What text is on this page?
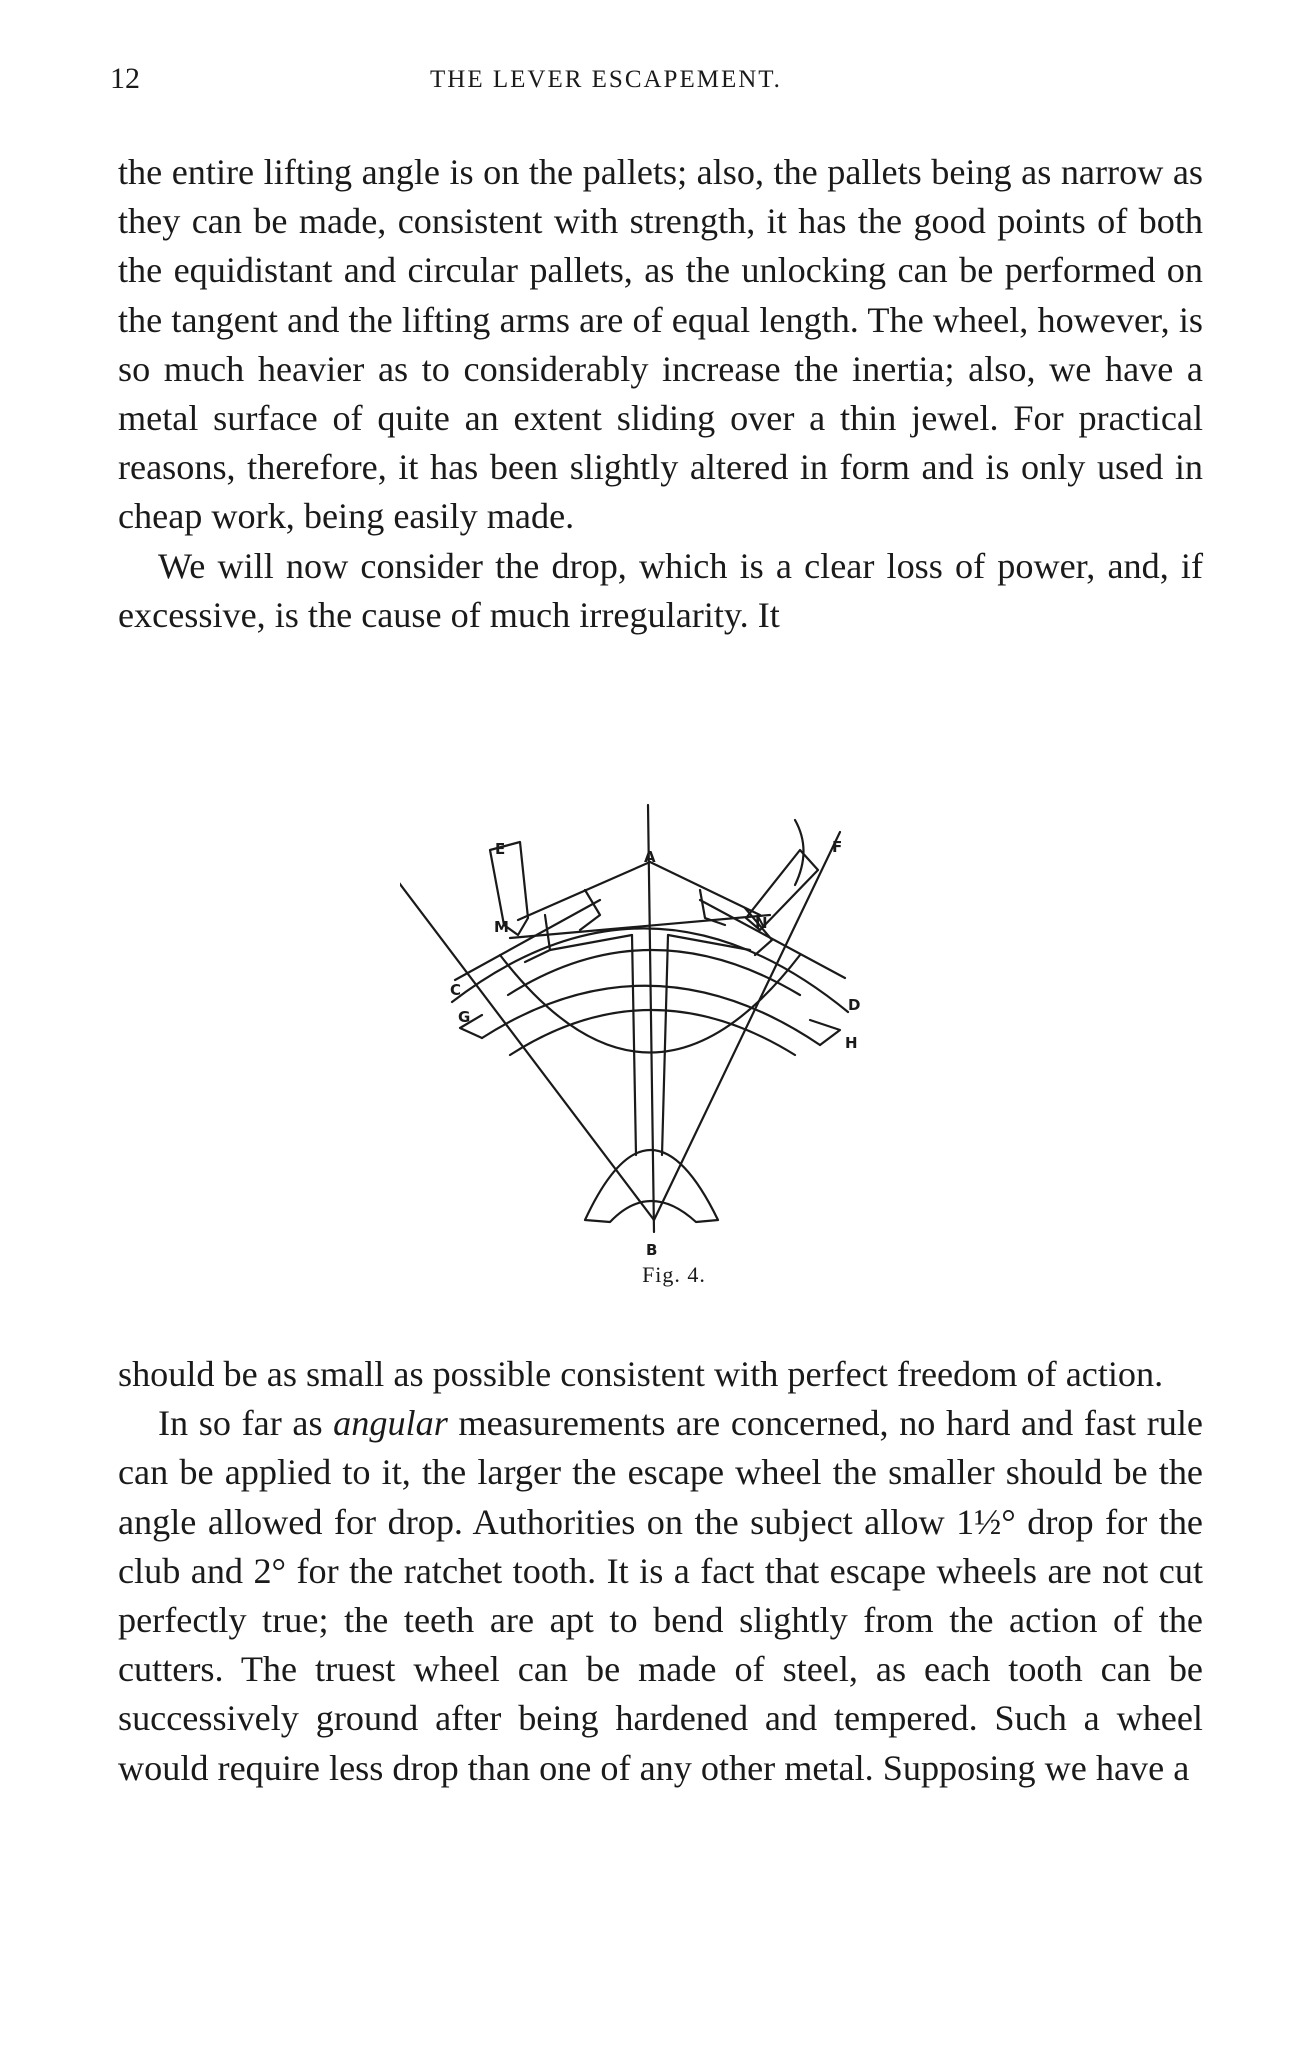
12	THE LEVER ESCAPEMENT.

the entire lifting angle is on the pallets; also, the pallets being as narrow as they can be made, consistent with strength, it has the good points of both the equidistant and circular pallets, as the unlocking can be performed on the tangent and the lifting arms are of equal length. The wheel, however, is so much heavier as to considerably increase the inertia; also, we have a metal surface of quite an extent sliding over a thin jewel. For practical reasons, therefore, it has been slightly altered in form and is only used in cheap work, being easily made.

We will now consider the drop, which is a clear loss of power, and, if excessive, is the cause of much irregularity. It

E	F
A
M	N
C
G
D
H
B
Fig. 4.

should be as small as possible consistent with perfect freedom of action.

In so far as angular measurements are concerned, no hard and fast rule can be applied to it, the larger the escape wheel the smaller should be the angle allowed for drop. Authorities on the subject allow 1½° drop for the club and 2° for the ratchet tooth. It is a fact that escape wheels are not cut perfectly true; the teeth are apt to bend slightly from the action of the cutters. The truest wheel can be made of steel, as each tooth can be successively ground after being hardened and tempered. Such a wheel would require less drop than one of any other metal. Supposing we have a
